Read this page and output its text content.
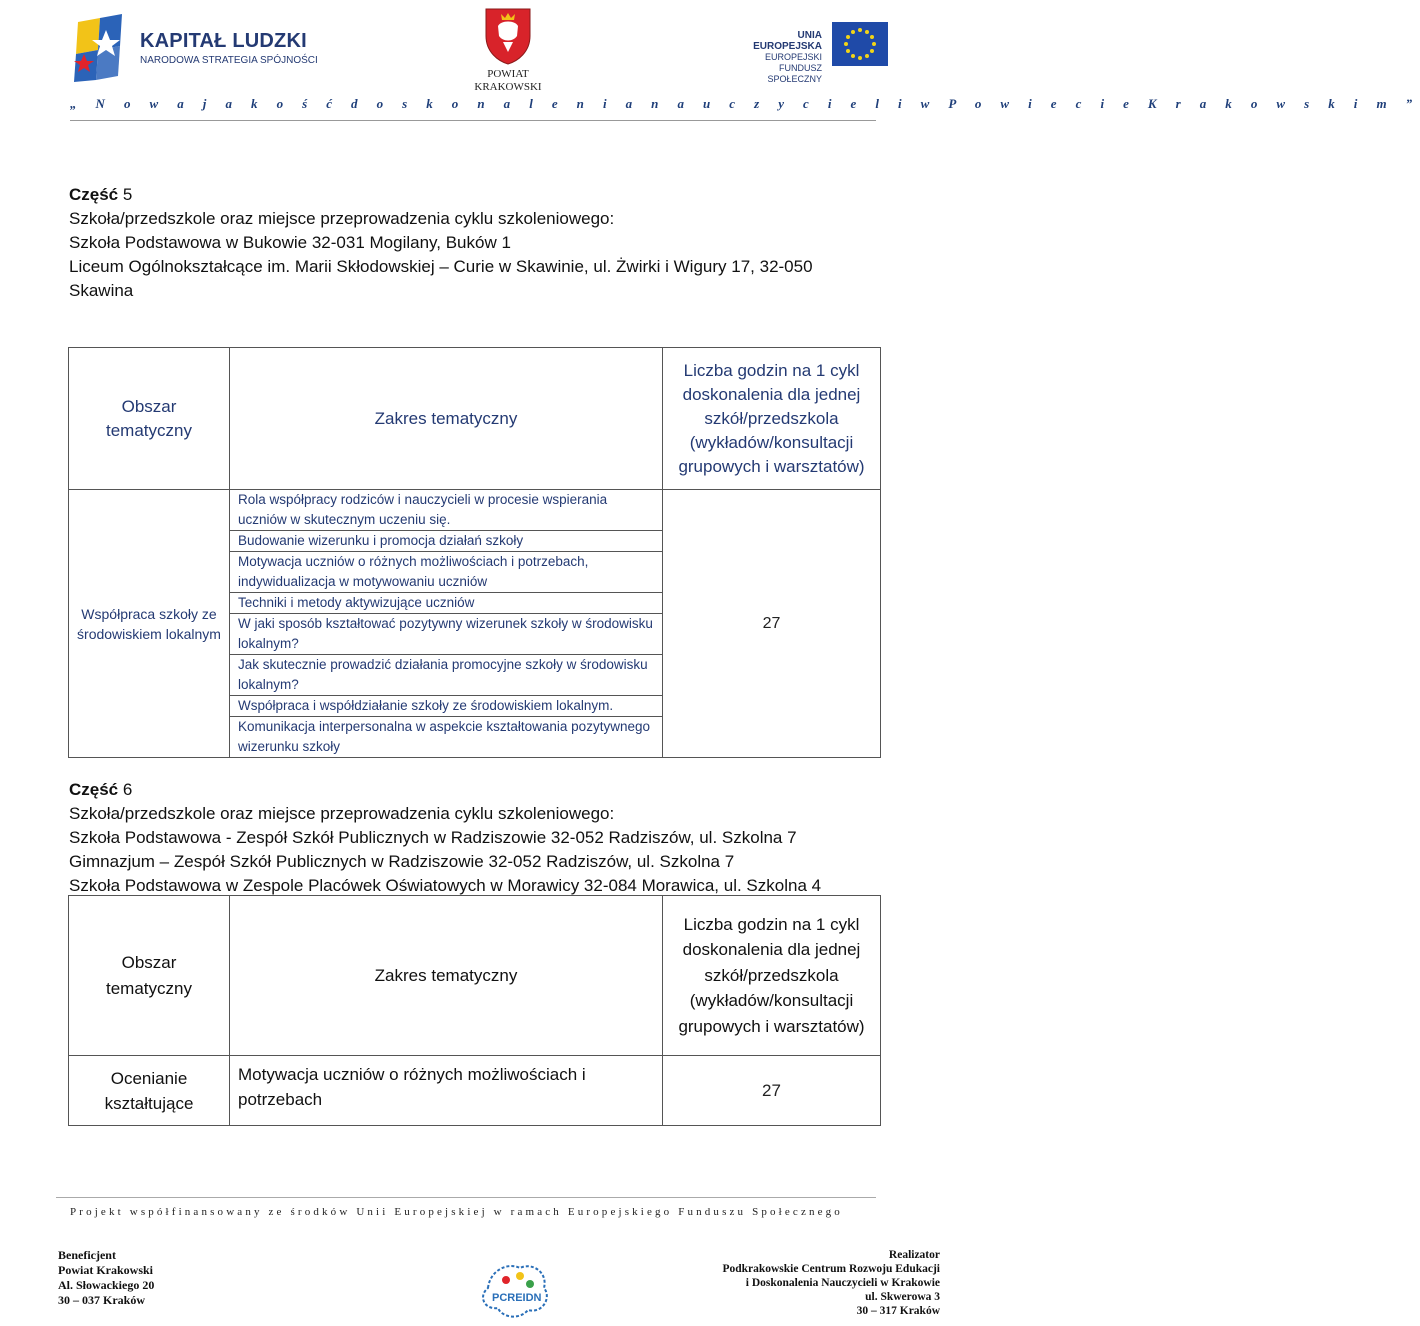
KAPITAŁ LUDZKI
NARODOWA STRATEGIA SPÓJNOŚCI
POWIAT
KRAKOWSKI
UNIA EUROPEJSKA
EUROPEJSKI
FUNDUSZ SPOŁECZNY
„ N o w a j a k o ś ć d o s k o n a l e n i a n a u c z y c i e l i w P o w i e c i e K r a k o w s k i m ”
Część 5
Szkoła/przedszkole oraz miejsce przeprowadzenia cyklu szkoleniowego:
Szkoła Podstawowa w Bukowie 32-031 Mogilany, Buków 1
Liceum Ogólnokształcące im. Marii Skłodowskiej – Curie w Skawinie, ul. Żwirki i Wigury 17, 32-050
Skawina
Obszar tematyczny	Zakres tematyczny	Liczba godzin na 1 cykl doskonalenia dla jednej szkół/przedszkola (wykładów/konsultacji grupowych i warsztatów)

Współpraca szkoły ze środowiskiem lokalnym	Rola współpracy rodziców i nauczycieli w procesie wspierania uczniów w skutecznym uczeniu się.	27
	Budowanie wizerunku i promocja działań szkoły	
	Motywacja uczniów o różnych możliwościach i potrzebach, indywidualizacja w motywowaniu uczniów	
	Techniki i metody aktywizujące uczniów	
	W jaki sposób kształtować pozytywny wizerunek szkoły w środowisku lokalnym?	
	Jak skutecznie prowadzić działania promocyjne szkoły w środowisku lokalnym?	
	Współpraca i współdziałanie szkoły ze środowiskiem lokalnym.	
	Komunikacja interpersonalna w aspekcie kształtowania pozytywnego wizerunku szkoły	
Część 6
Szkoła/przedszkole oraz miejsce przeprowadzenia cyklu szkoleniowego:
Szkoła Podstawowa - Zespół Szkół Publicznych w Radziszowie 32-052 Radziszów, ul. Szkolna 7
Gimnazjum – Zespół Szkół Publicznych w Radziszowie 32-052 Radziszów, ul. Szkolna 7
Szkoła Podstawowa w Zespole Placówek Oświatowych w Morawicy 32-084 Morawica, ul. Szkolna 4
Obszar tematyczny	Zakres tematyczny	Liczba godzin na 1 cykl doskonalenia dla jednej szkół/przedszkola (wykładów/konsultacji grupowych i warsztatów)

Ocenianie kształtujące	Motywacja uczniów o różnych możliwościach i potrzebach	27
Projekt współfinansowany ze środków Unii Europejskiej w ramach Europejskiego Funduszu Społecznego
Beneficjent
Powiat Krakowski
Al. Słowackiego 20
30 – 037 Kraków	PCREIDN
Realizator
Podkrakowskie Centrum Rozwoju Edukacji
i Doskonalenia Nauczycieli w Krakowie
ul. Skwerowa 3
30 – 317 Kraków
